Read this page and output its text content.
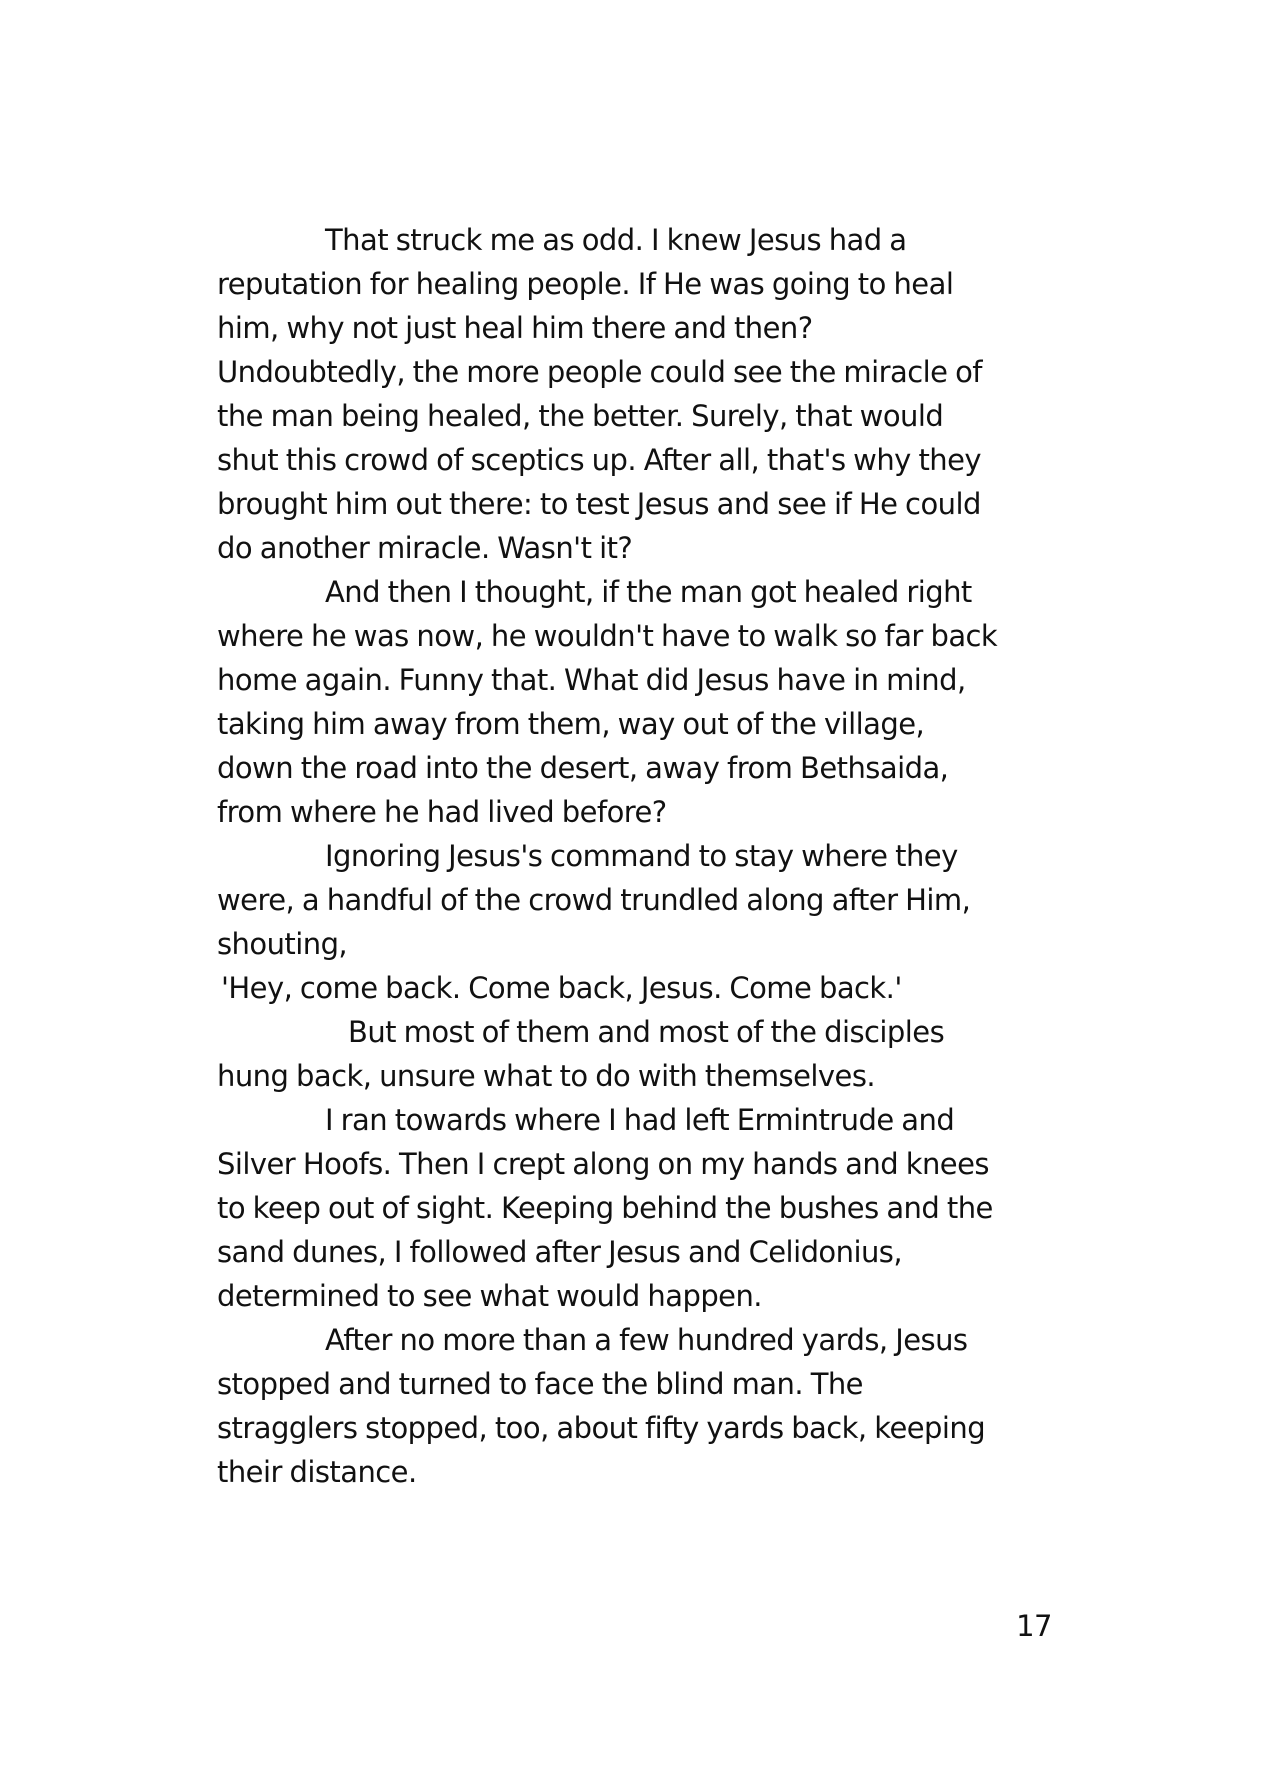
That struck me as odd. I knew Jesus had a
reputation for healing people. If He was going to heal
him, why not just heal him there and then?
Undoubtedly, the more people could see the miracle of
the man being healed, the better. Surely, that would
shut this crowd of sceptics up. After all, that's why they
brought him out there: to test Jesus and see if He could
do another miracle. Wasn't it?
And then I thought, if the man got healed right
where he was now, he wouldn't have to walk so far back
home again. Funny that. What did Jesus have in mind,
taking him away from them, way out of the village,
down the road into the desert, away from Bethsaida,
from where he had lived before?
Ignoring Jesus's command to stay where they
were, a handful of the crowd trundled along after Him,
shouting,
'Hey, come back. Come back, Jesus. Come back.'
But most of them and most of the disciples
hung back, unsure what to do with themselves.
I ran towards where I had left Ermintrude and
Silver Hoofs. Then I crept along on my hands and knees
to keep out of sight. Keeping behind the bushes and the
sand dunes, I followed after Jesus and Celidonius,
determined to see what would happen.
After no more than a few hundred yards, Jesus
stopped and turned to face the blind man. The
stragglers stopped, too, about fifty yards back, keeping
their distance.
17
